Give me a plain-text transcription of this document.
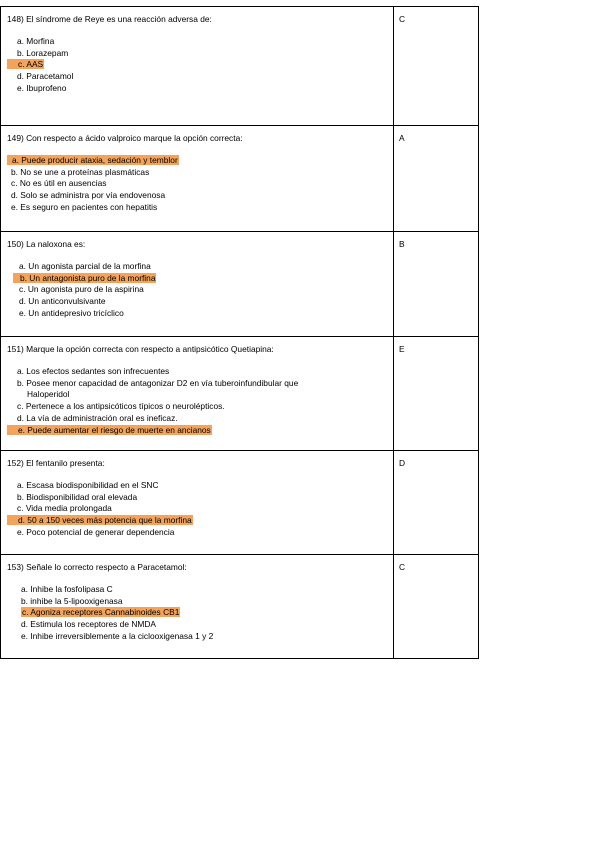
148) El síndrome de Reye es una reacción adversa de:
a. Morfina
b. Lorazepam
c. AAS
d. Paracetamol
e. Ibuprofeno
C
149) Con respecto a ácido valproico marque la opción correcta:
a. Puede producir ataxia, sedación y temblor
b. No se une a proteínas plasmáticas
c. No es útil en ausencias
d. Solo se administra por vía endovenosa
e. Es seguro en pacientes con hepatitis
A
150) La naloxona es:
a. Un agonista parcial de la morfina
b. Un antagonista puro de la morfina
c. Un agonista puro de la aspirina
d. Un anticonvulsivante
e. Un antidepresivo tricíclico
B
151) Marque la opción correcta con respecto a antipsicótico Quetiapina:
a. Los efectos sedantes son infrecuentes
b. Posee menor capacidad de antagonizar D2 en vía tuberoinfundibular que
Haloperidol
c. Pertenece a los antipsicóticos típicos o neurolépticos.
d. La vía de administración oral es ineficaz.
e. Puede aumentar el riesgo de muerte en ancianos
E
152) El fentanilo presenta:
a. Escasa biodisponibilidad en el SNC
b. Biodisponibilidad oral elevada
c. Vida media prolongada
d. 50 a 150 veces más potencia que la morfina
e. Poco potencial de generar dependencia
D
153) Señale lo correcto respecto a Paracetamol:
a. Inhibe la fosfolipasa C
b. inhibe la 5-lipooxigenasa
c. Agoniza receptores Cannabinoides CB1
d. Estimula los receptores de NMDA
e. Inhibe irreversiblemente a la ciclooxigenasa 1 y 2
C
